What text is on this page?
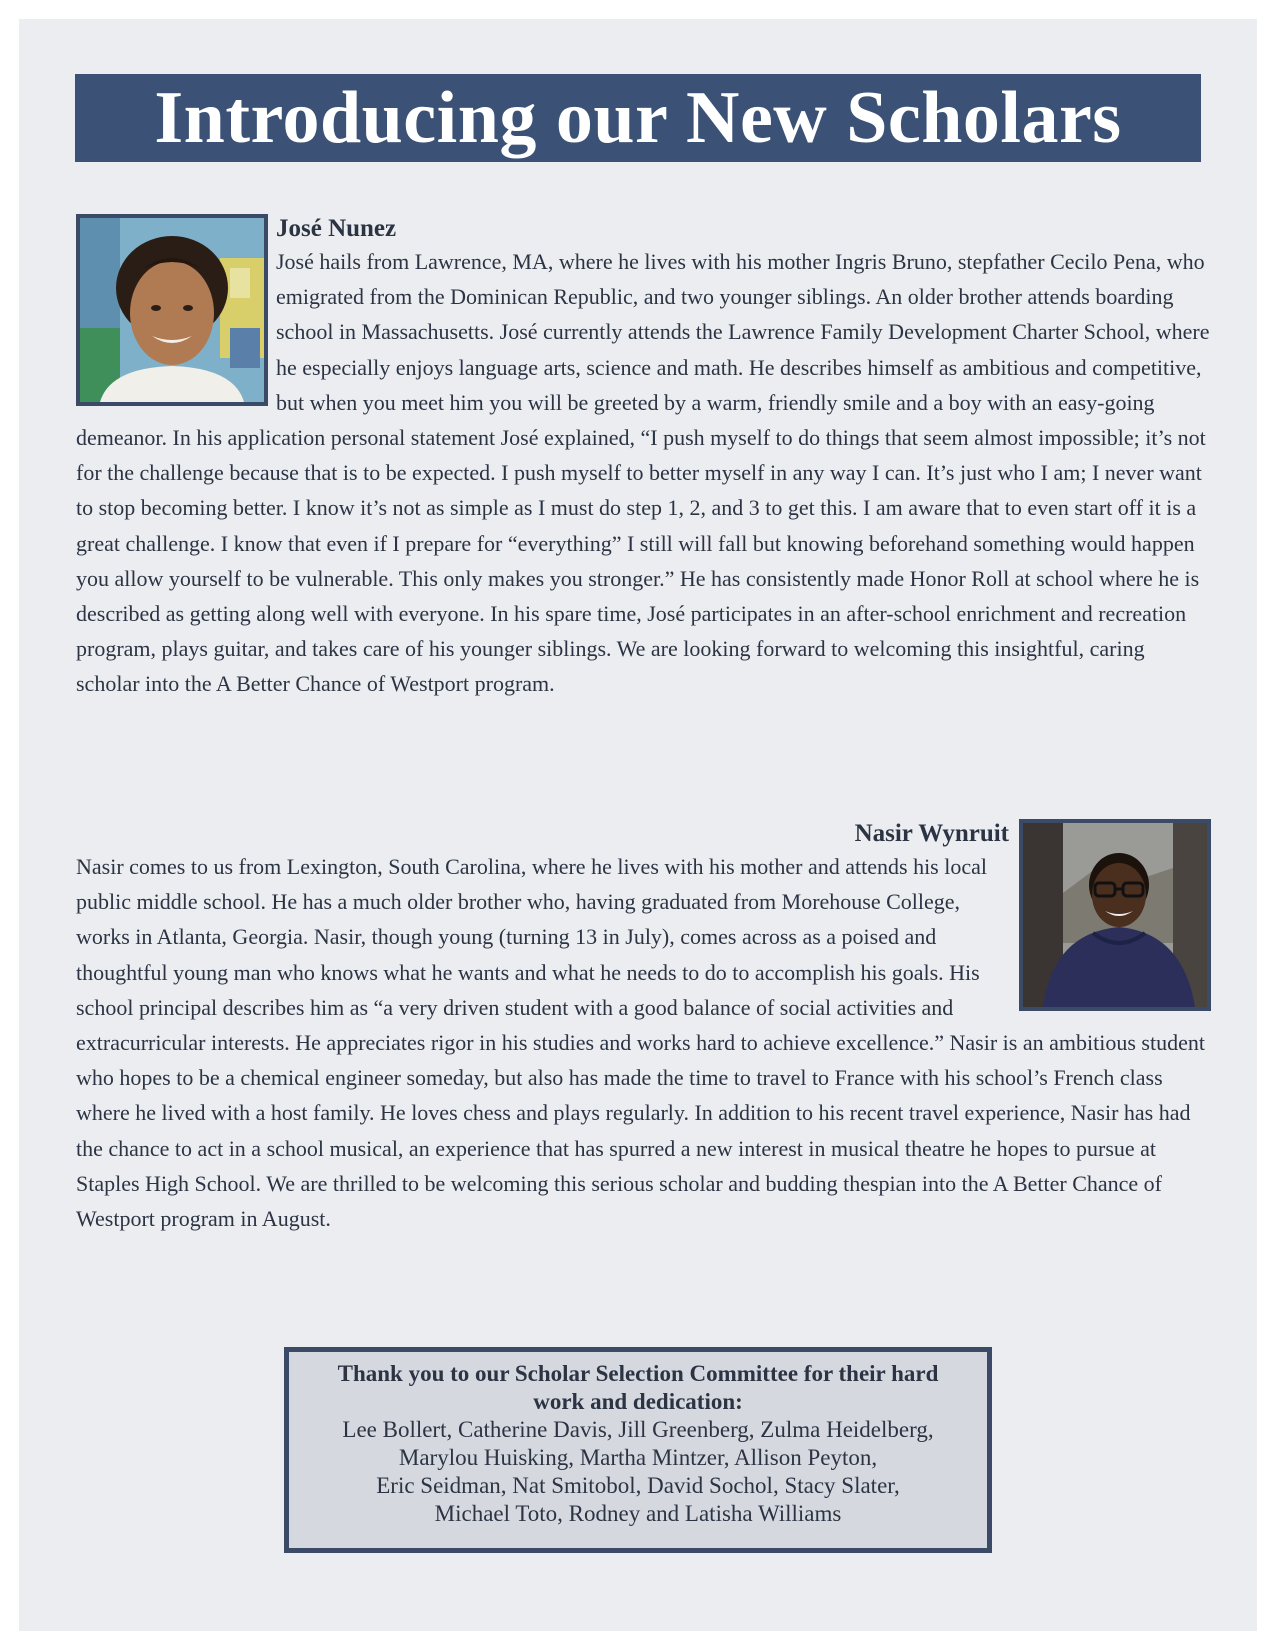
Introducing our New Scholars
José Nunez

José hails from Lawrence, MA, where he lives with his mother Ingris Bruno, stepfather Cecilo Pena, who emigrated from the Dominican Republic, and two younger siblings. An older brother attends boarding school in Massachusetts. José currently attends the Lawrence Family Development Charter School, where he especially enjoys language arts, science and math. He describes himself as ambitious and competitive, but when you meet him you will be greeted by a warm, friendly smile and a boy with an easy-going demeanor. In his application personal statement José explained, “I push myself to do things that seem almost impossible; it’s not for the challenge because that is to be expected. I push myself to better myself in any way I can. It’s just who I am; I never want to stop becoming better. I know it’s not as simple as I must do step 1, 2, and 3 to get this. I am aware that to even start off it is a great challenge. I know that even if I prepare for “everything” I still will fall but knowing beforehand something would happen you allow yourself to be vulnerable. This only makes you stronger.” He has consistently made Honor Roll at school where he is described as getting along well with everyone. In his spare time, José participates in an after-school enrichment and recreation program, plays guitar, and takes care of his younger siblings. We are looking forward to welcoming this insightful, caring scholar into the A Better Chance of Westport program.

Nasir Wynruit

Nasir comes to us from Lexington, South Carolina, where he lives with his mother and attends his local public middle school. He has a much older brother who, having graduated from Morehouse College, works in Atlanta, Georgia. Nasir, though young (turning 13 in July), comes across as a poised and thoughtful young man who knows what he wants and what he needs to do to accomplish his goals. His school principal describes him as “a very driven student with a good balance of social activities and extracurricular interests. He appreciates rigor in his studies and works hard to achieve excellence.” Nasir is an ambitious student who hopes to be a chemical engineer someday, but also has made the time to travel to France with his school’s French class where he lived with a host family. He loves chess and plays regularly. In addition to his recent travel experience, Nasir has had the chance to act in a school musical, an experience that has spurred a new interest in musical theatre he hopes to pursue at Staples High School. We are thrilled to be welcoming this serious scholar and budding thespian into the A Better Chance of Westport program in August.

Thank you to our Scholar Selection Committee for their hard work and dedication:
Lee Bollert, Catherine Davis, Jill Greenberg, Zulma Heidelberg,
Marylou Huisking, Martha Mintzer, Allison Peyton,
Eric Seidman, Nat Smitobol, David Sochol, Stacy Slater,
Michael Toto, Rodney and Latisha Williams
